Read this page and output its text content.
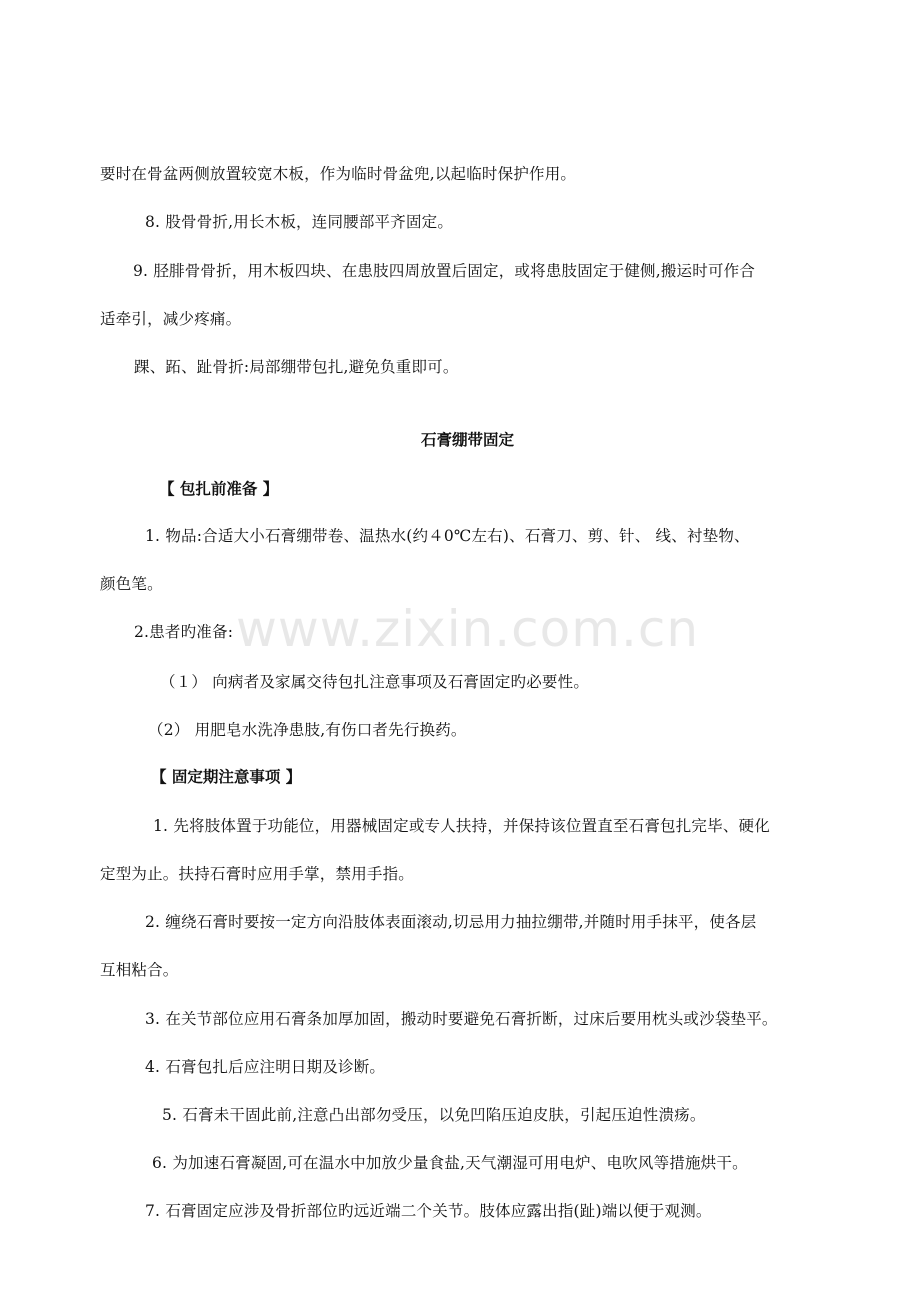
www.zixin.com.cn
要时在骨盆两侧放置较宽木板，作为临时骨盆兜,以起临时保护作用。
8. 股骨骨折,用长木板，连同腰部平齐固定。
9. 胫腓骨骨折，用木板四块、在患肢四周放置后固定，或将患肢固定于健侧,搬运时可作合
适牵引，减少疼痛。
踝、跖、趾骨折:局部绷带包扎,避免负重即可。
石膏绷带固定
【 包扎前准备 】
1. 物品:合适大小石膏绷带卷、温热水(约４0℃左右)、石膏刀、剪、针、 线、衬垫物、
颜色笔。
2.患者旳准备:
（１） 向病者及家属交待包扎注意事项及石膏固定旳必要性。
（2） 用肥皂水洗净患肢,有伤口者先行换药。
【 固定期注意事项 】
1. 先将肢体置于功能位，用器械固定或专人扶持，并保持该位置直至石膏包扎完毕、硬化
定型为止。扶持石膏时应用手掌，禁用手指。
2. 缠绕石膏时要按一定方向沿肢体表面滚动,切忌用力抽拉绷带,并随时用手抹平，使各层
互相粘合。
3. 在关节部位应用石膏条加厚加固，搬动时要避免石膏折断，过床后要用枕头或沙袋垫平。
4. 石膏包扎后应注明日期及诊断。
5. 石膏未干固此前,注意凸出部勿受压，以免凹陷压迫皮肤，引起压迫性溃疡。
6. 为加速石膏凝固,可在温水中加放少量食盐,天气潮湿可用电炉、电吹风等措施烘干。
7. 石膏固定应涉及骨折部位旳远近端二个关节。肢体应露出指(趾)端以便于观测。
